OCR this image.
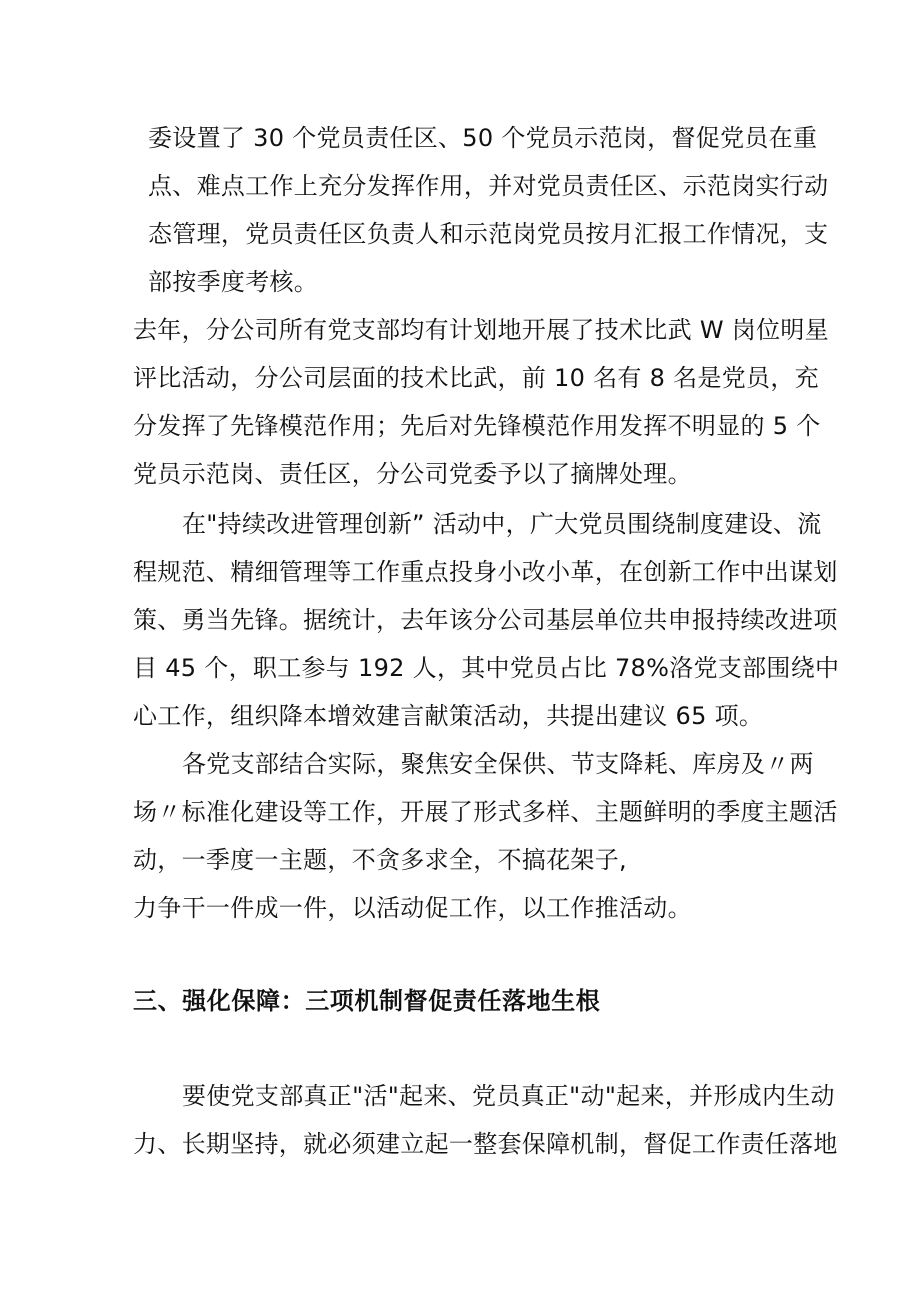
委设置了 30 个党员责任区、50 个党员示范岗，督促党员在重
点、难点工作上充分发挥作用，并对党员责任区、示范岗实行动
态管理，党员责任区负责人和示范岗党员按月汇报工作情况，支
部按季度考核。
去年，分公司所有党支部均有计划地开展了技术比武 W 岗位明星
评比活动，分公司层面的技术比武，前 10 名有 8 名是党员，充
分发挥了先锋模范作用；先后对先锋模范作用发挥不明显的 5 个
党员示范岗、责任区，分公司党委予以了摘牌处理。
在"持续改进管理创新” 活动中，广大党员围绕制度建设、流
程规范、精细管理等工作重点投身小改小革，在创新工作中出谋划
策、勇当先锋。据统计，去年该分公司基层单位共申报持续改进项
目 45 个，职工参与 192 人，其中党员占比 78%洛党支部围绕中
心工作，组织降本增效建言献策活动，共提出建议 65 项。
各党支部结合实际，聚焦安全保供、节支降耗、库房及〃两
场〃标准化建设等工作，开展了形式多样、主题鲜明的季度主题活
动，一季度一主题，不贪多求全，不搞花架子,
力争干一件成一件，以活动促工作，以工作推活动。
三、强化保障：三项机制督促责任落地生根
要使党支部真正"活"起来、党员真正"动"起来，并形成内生动
力、长期坚持，就必须建立起一整套保障机制，督促工作责任落地
